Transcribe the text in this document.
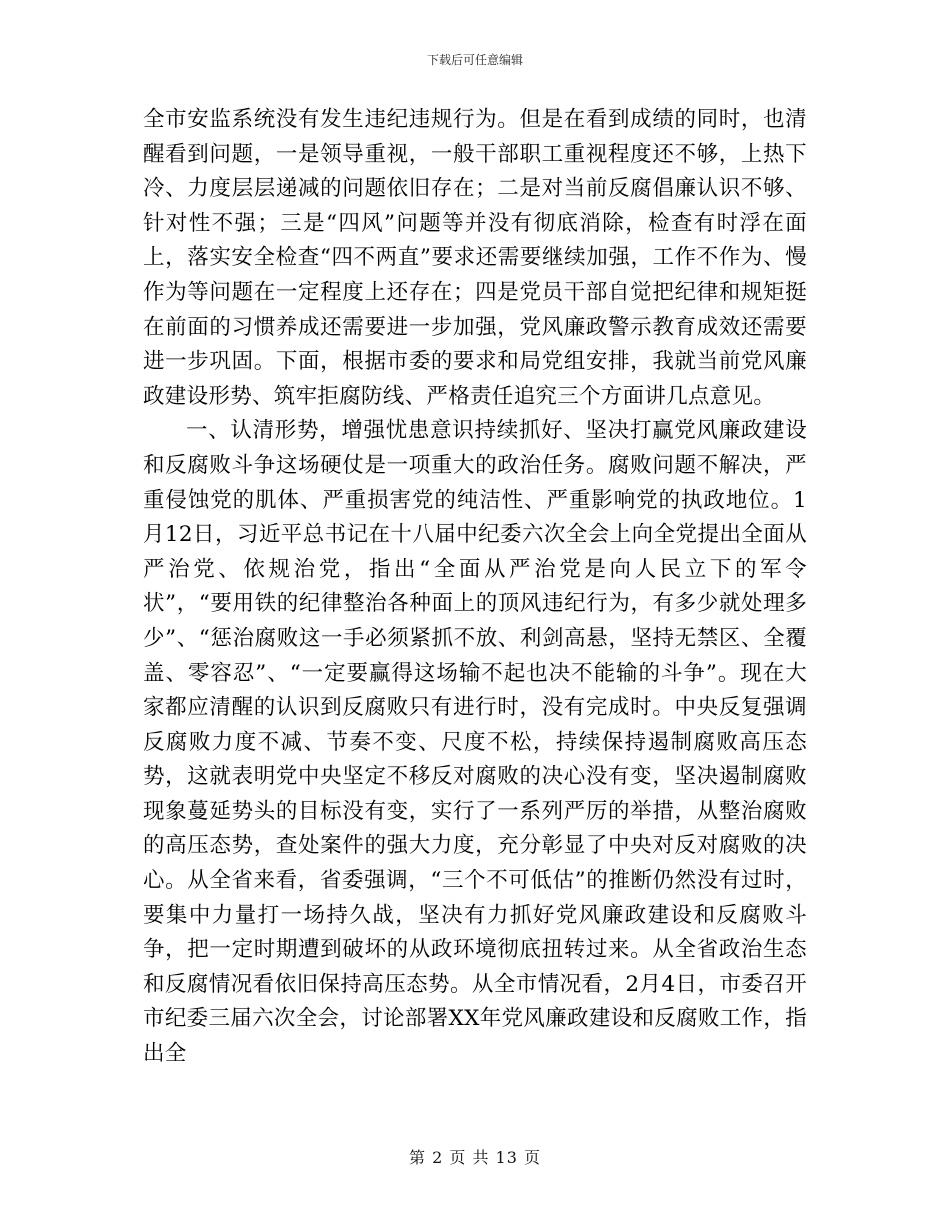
下载后可任意编辑

全市安监系统没有发生违纪违规行为。但是在看到成绩的同时，也清醒看到问题，一是领导重视，一般干部职工重视程度还不够，上热下冷、力度层层递减的问题依旧存在；二是对当前反腐倡廉认识不够、针对性不强；三是“四风”问题等并没有彻底消除，检查有时浮在面上，落实安全检查“四不两直”要求还需要继续加强，工作不作为、慢作为等问题在一定程度上还存在；四是党员干部自觉把纪律和规矩挺在前面的习惯养成还需要进一步加强，党风廉政警示教育成效还需要进一步巩固。下面，根据市委的要求和局党组安排，我就当前党风廉政建设形势、筑牢拒腐防线、严格责任追究三个方面讲几点意见。

一、认清形势，增强忧患意识持续抓好、坚决打赢党风廉政建设和反腐败斗争这场硬仗是一项重大的政治任务。腐败问题不解决，严重侵蚀党的肌体、严重损害党的纯洁性、严重影响党的执政地位。1月12日，习近平总书记在十八届中纪委六次全会上向全党提出全面从严治党、依规治党，指出“全面从严治党是向人民立下的军令状”，“要用铁的纪律整治各种面上的顶风违纪行为，有多少就处理多少”、“惩治腐败这一手必须紧抓不放、利剑高悬，坚持无禁区、全覆盖、零容忍”、“一定要赢得这场输不起也决不能输的斗争”。现在大家都应清醒的认识到反腐败只有进行时，没有完成时。中央反复强调反腐败力度不减、节奏不变、尺度不松，持续保持遏制腐败高压态势，这就表明党中央坚定不移反对腐败的决心没有变，坚决遏制腐败现象蔓延势头的目标没有变，实行了一系列严厉的举措，从整治腐败的高压态势，查处案件的强大力度，充分彰显了中央对反对腐败的决心。从全省来看，省委强调，“三个不可低估”的推断仍然没有过时，要集中力量打一场持久战，坚决有力抓好党风廉政建设和反腐败斗争，把一定时期遭到破坏的从政环境彻底扭转过来。从全省政治生态和反腐情况看依旧保持高压态势。从全市情况看，2月4日，市委召开市纪委三届六次全会，讨论部署XX年党风廉政建设和反腐败工作，指出全

第 2 页 共 13 页
